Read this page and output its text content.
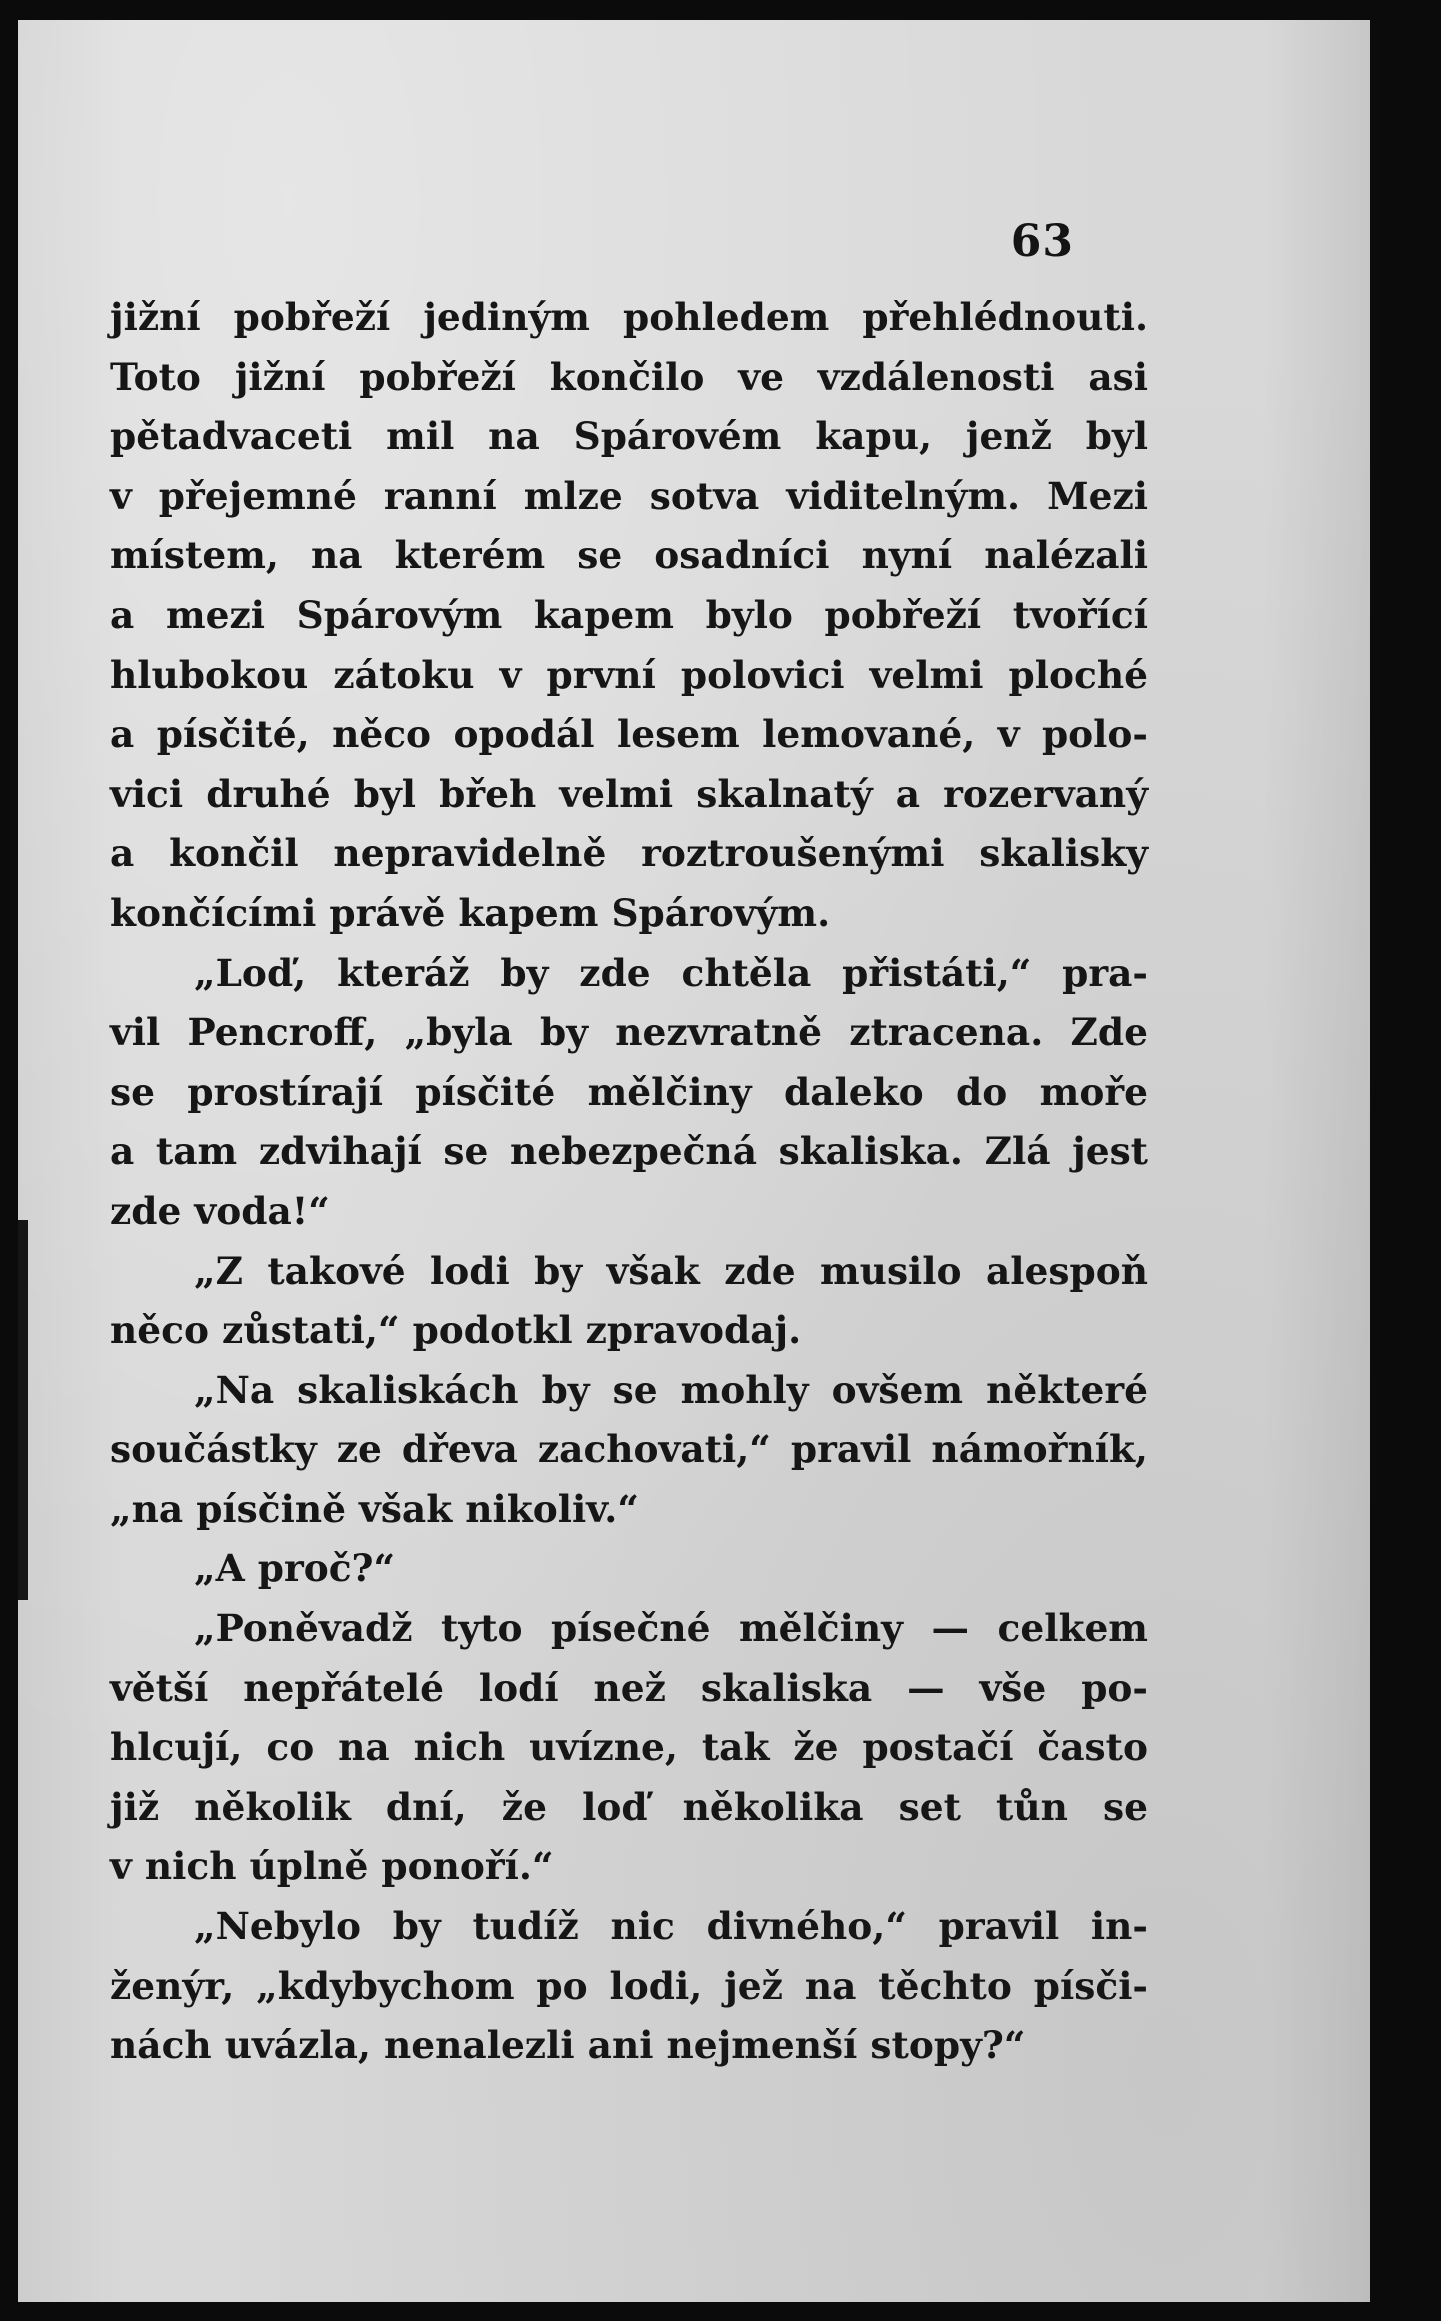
63
jižní pobřeží jediným pohledem přehlédnouti.
Toto jižní pobřeží končilo ve vzdálenosti asi
pětadvaceti mil na Spárovém kapu, jenž byl
v přejemné ranní mlze sotva viditelným. Mezi
místem, na kterém se osadníci nyní nalézali
a mezi Spárovým kapem bylo pobřeží tvořící
hlubokou zátoku v první polovici velmi ploché
a písčité, něco opodál lesem lemované, v polo-
vici druhé byl břeh velmi skalnatý a rozervaný
a končil nepravidelně roztroušenými skalisky
končícími právě kapem Spárovým.
„Loď, kteráž by zde chtěla přistáti,“ pra-
vil Pencroff, „byla by nezvratně ztracena. Zde
se prostírají písčité mělčiny daleko do moře
a tam zdvihají se nebezpečná skaliska. Zlá jest
zde voda!“
„Z takové lodi by však zde musilo alespoň
něco zůstati,“ podotkl zpravodaj.
„Na skaliskách by se mohly ovšem některé
součástky ze dřeva zachovati,“ pravil námořník,
„na písčině však nikoliv.“
„A proč?“
„Poněvadž tyto písečné mělčiny — celkem
větší nepřátelé lodí než skaliska — vše po-
hlcují, co na nich uvízne, tak že postačí často
již několik dní, že loď několika set tůn se
v nich úplně ponoří.“
„Nebylo by tudíž nic divného,“ pravil in-
ženýr, „kdybychom po lodi, jež na těchto písči-
nách uvázla, nenalezli ani nejmenší stopy?“
